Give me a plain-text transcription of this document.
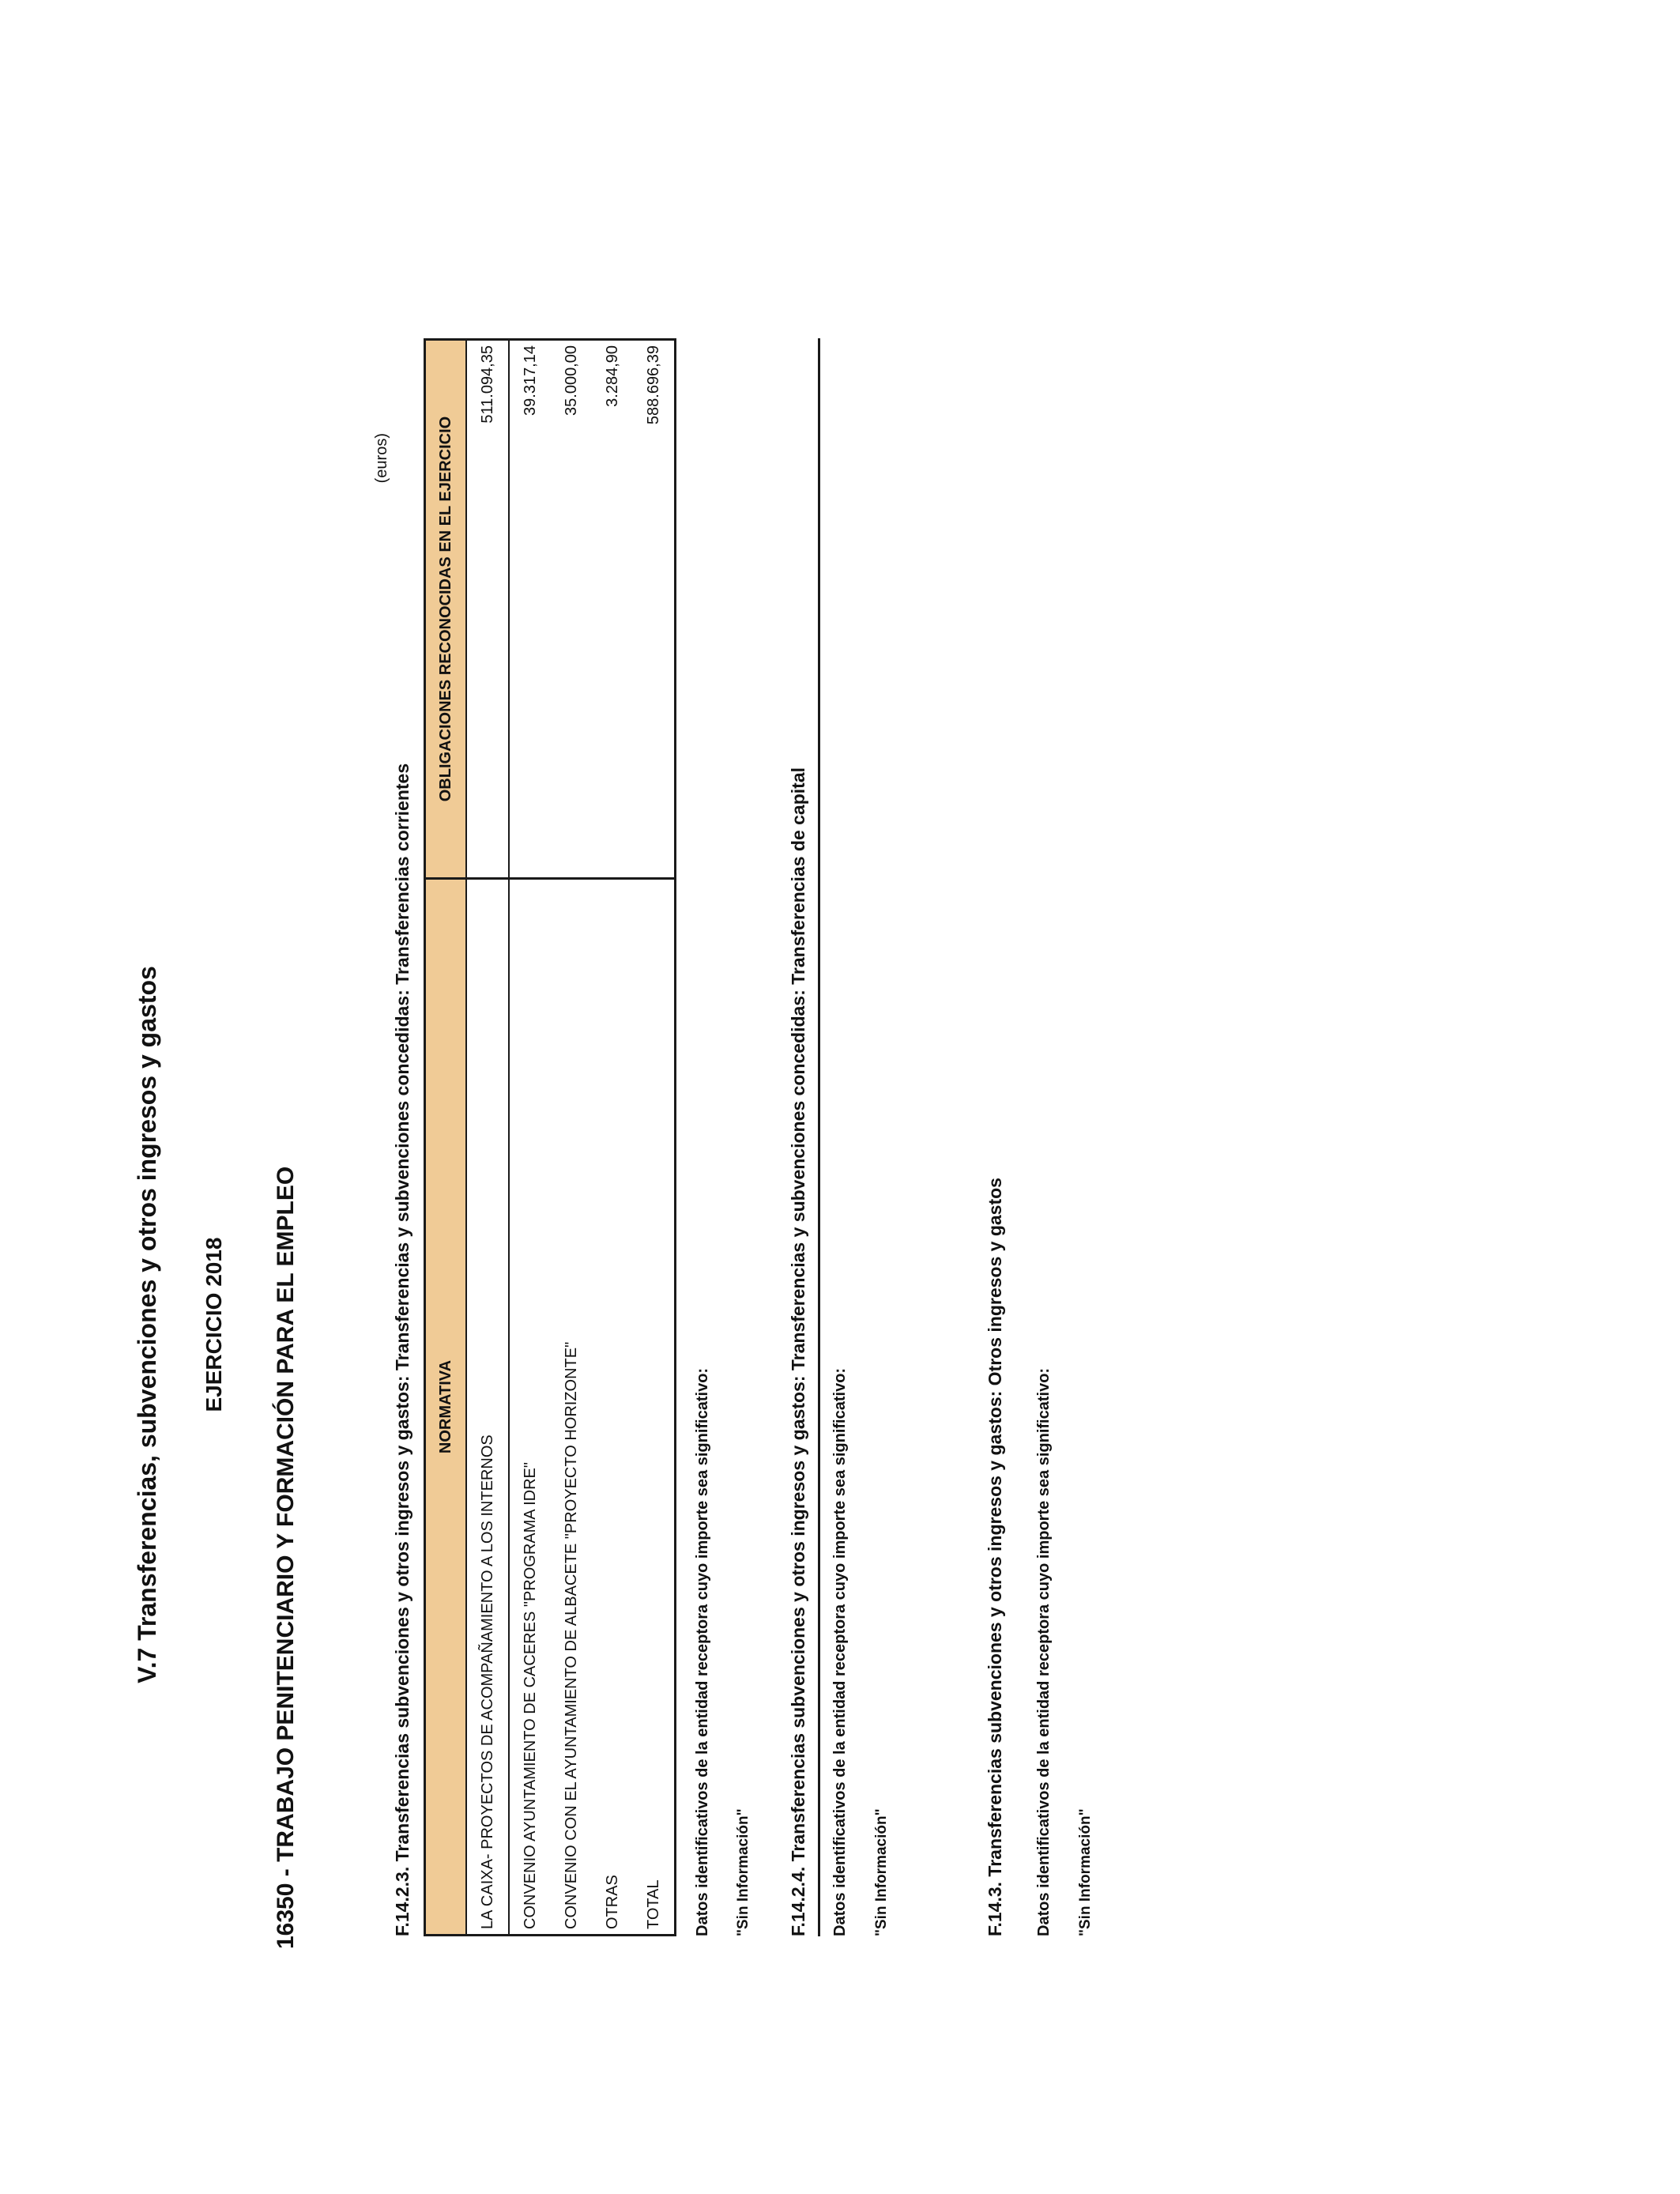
V.7 Transferencias, subvenciones y otros ingresos y gastos EJERCICIO 2018 16350 - TRABAJO PENITENCIARIO Y FORMACIÓN PARA EL EMPLEO	F.14.2.3. Transferencias subvenciones y otros ingresos y gastos: Transferencias y subvenciones concedidas: Transferencias corrientes
(euros)
NORMATIVA	OBLIGACIONES RECONOCIDAS EN EL EJERCICIO
LA CAIXA- PROYECTOS DE ACOMPAÑAMIENTO A LOS INTERNOS	511.094,35
CONVENIO AYUNTAMIENTO DE CACERES "PROGRAMA IDRE"	39.317,14
CONVENIO CON EL AYUNTAMIENTO DE ALBACETE "PROYECTO HORIZONTE"	35.000,00
OTRAS	3.284,90
TOTAL	588.696,39
Datos identificativos de la entidad receptora cuyo importe sea significativo: "Sin Información" F.14.2.4. Transferencias subvenciones y otros ingresos y gastos: Transferencias y subvenciones concedidas: Transferencias de capital Datos identificativos de la entidad receptora cuyo importe sea significativo: "Sin Información"	F.14.3. Transferencias subvenciones y otros ingresos y gastos: Otros ingresos y gastos Datos identificativos de la entidad receptora cuyo importe sea significativo: "Sin Información"
